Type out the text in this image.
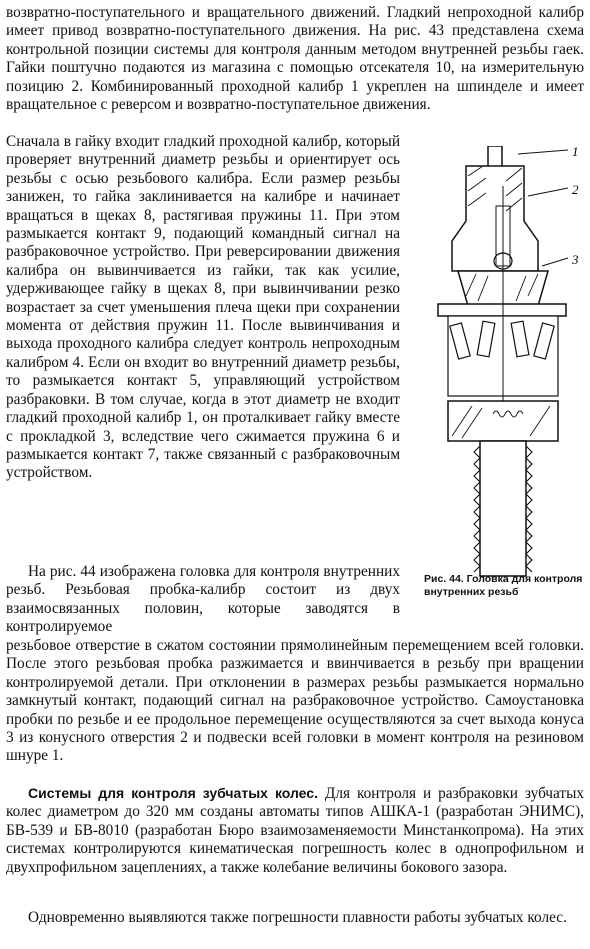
возвратно-поступательного и вращательного движений. Гладкий непроходной калибр имеет привод возвратно-поступательного движения. На рис. 43 представлена схема контрольной позиции системы для контроля данным методом внутренней резьбы гаек. Гайки поштучно подаются из магазина с помощью отсекателя 10, на измерительную позицию 2. Комбинированный проходной калибр 1 укреплен на шпинделе и имеет вращательное с реверсом и возвратно-поступательное движения.

Сначала в гайку входит гладкий проходной калибр, который проверяет внутренний диаметр резьбы и ориентирует ось резьбы с осью резьбового калибра. Если размер резьбы занижен, то гайка заклинивается на калибре и начинает вращаться в щеках 8, растягивая пружины 11. При этом размыкается контакт 9, подающий командный сигнал на разбраковочное устройство. При реверсировании движения калибра он вывинчивается из гайки, так как усилие, удерживающее гайку в щеках 8, при вывинчивании резко возрастает за счет уменьшения плеча щеки при сохранении момента от действия пружин 11. После вывинчивания и выхода проходного калибра следует контроль непроходным калибром 4. Если он входит во внутренний диаметр резьбы, то размыкается контакт 5, управляющий устройством разбраковки. В том случае, когда в этот диаметр не входит гладкий проходной калибр 1, он проталкивает гайку вместе с прокладкой 3, вследствие чего сжимается пружина 6 и размыкается контакт 7, также связанный с разбраковочным устройством.

На рис. 44 изображена головка для контроля внутренних резьб. Резьбовая пробка-калибр состоит из двух взаимосвязанных половин, которые заводятся в контролируемое

резьбовое отверстие в сжатом состоянии прямолинейным перемещением всей головки. После этого резьбовая пробка разжимается и ввинчивается в резьбу при вращении контролируемой детали. При отклонении в размерах резьбы размыкается нормально замкнутый контакт, подающий сигнал на разбраковочное устройство. Самоустановка пробки по резьбе и ее продольное перемещение осуществляются за счет выхода конуса 3 из конусного отверстия 2 и подвески всей головки в момент контроля на резиновом шнуре 1.

Системы для контроля зубчатых колес. Для контроля и разбраковки зубчатых колес диаметром до 320 мм созданы автоматы типов АШКА-1 (разработан ЭНИМС), БВ-539 и БВ-8010 (разработан Бюро взаимозаменяемости Минстанкопрома). На этих системах контролируются кинематическая погрешность колес в однопрофильном и двухпрофильном зацеплениях, а также колебание величины бокового зазора.

Одновременно выявляются также погрешности плавности работы зубчатых колес.

1
2
3
Рис. 44. Головка для контроля внутренних резьб
